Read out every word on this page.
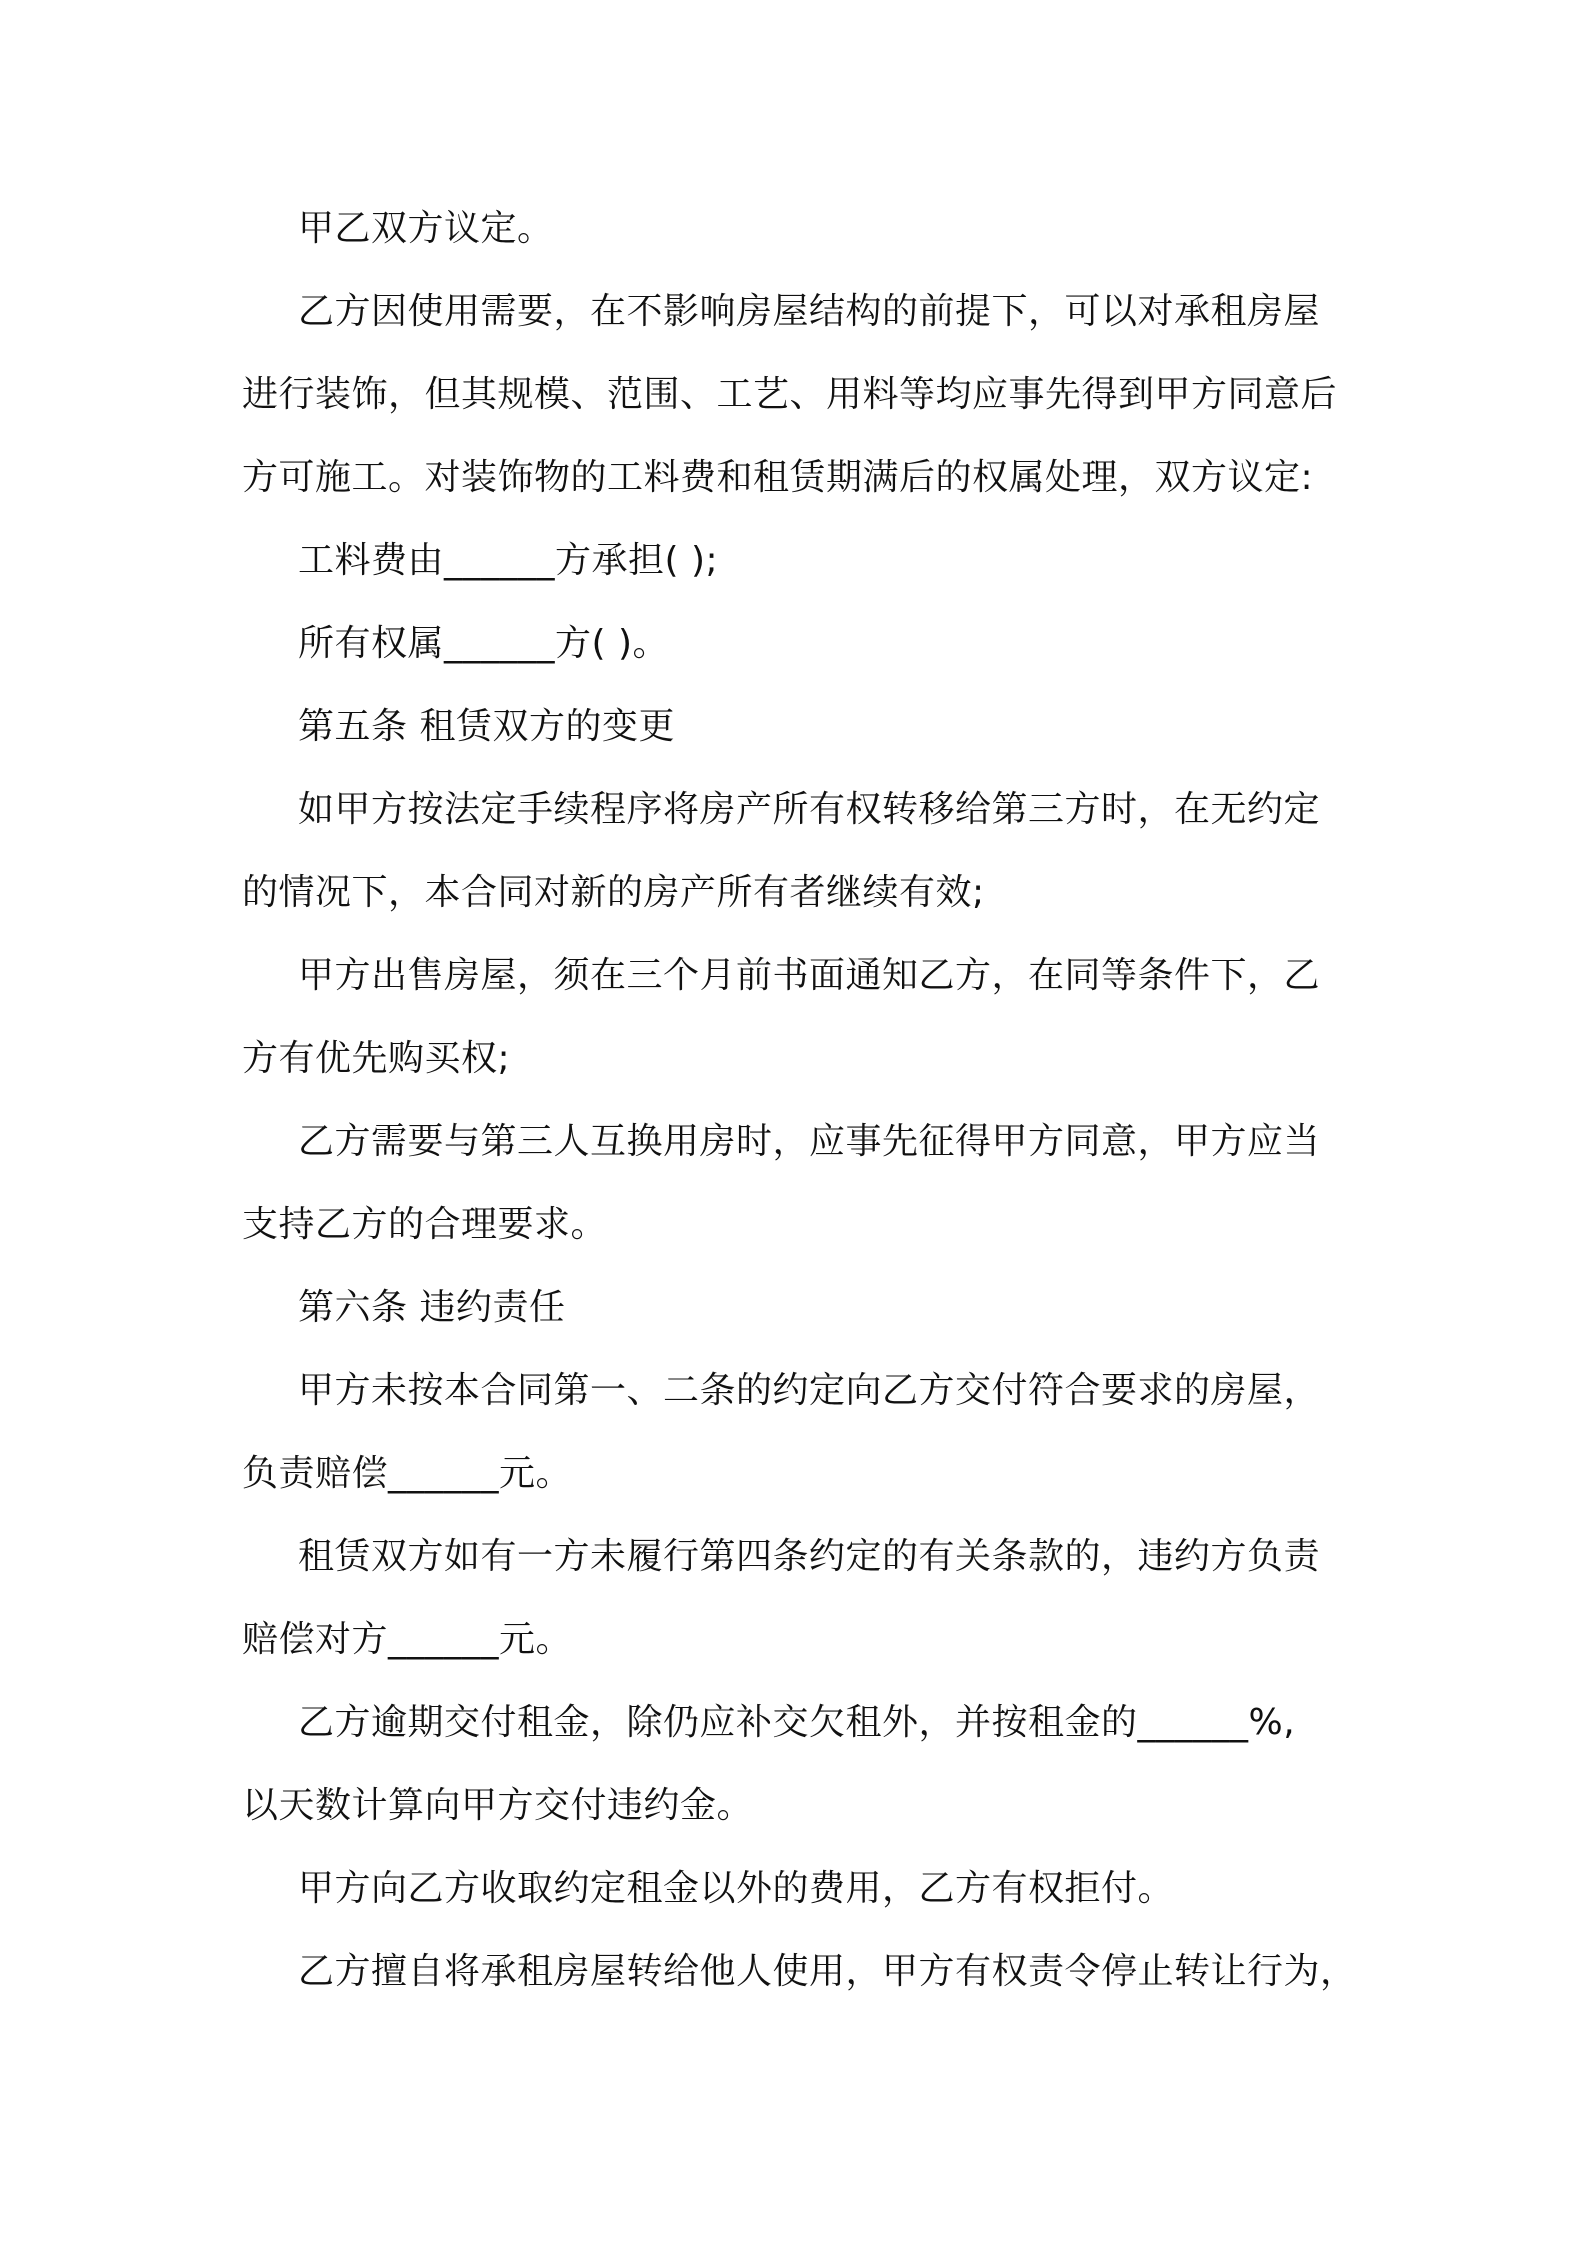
甲乙双方议定。
乙方因使用需要，在不影响房屋结构的前提下，可以对承租房屋
进行装饰，但其规模、范围、工艺、用料等均应事先得到甲方同意后
方可施工。对装饰物的工料费和租赁期满后的权属处理，双方议定:
工料费由______方承担( );
所有权属______方( )。
第五条 租赁双方的变更
如甲方按法定手续程序将房产所有权转移给第三方时，在无约定
的情况下，本合同对新的房产所有者继续有效;
甲方出售房屋，须在三个月前书面通知乙方，在同等条件下，乙
方有优先购买权;
乙方需要与第三人互换用房时，应事先征得甲方同意，甲方应当
支持乙方的合理要求。
第六条 违约责任
甲方未按本合同第一、二条的约定向乙方交付符合要求的房屋，
负责赔偿______元。
租赁双方如有一方未履行第四条约定的有关条款的，违约方负责
赔偿对方______元。
乙方逾期交付租金，除仍应补交欠租外，并按租金的______%,
以天数计算向甲方交付违约金。
甲方向乙方收取约定租金以外的费用，乙方有权拒付。
乙方擅自将承租房屋转给他人使用，甲方有权责令停止转让行为，
